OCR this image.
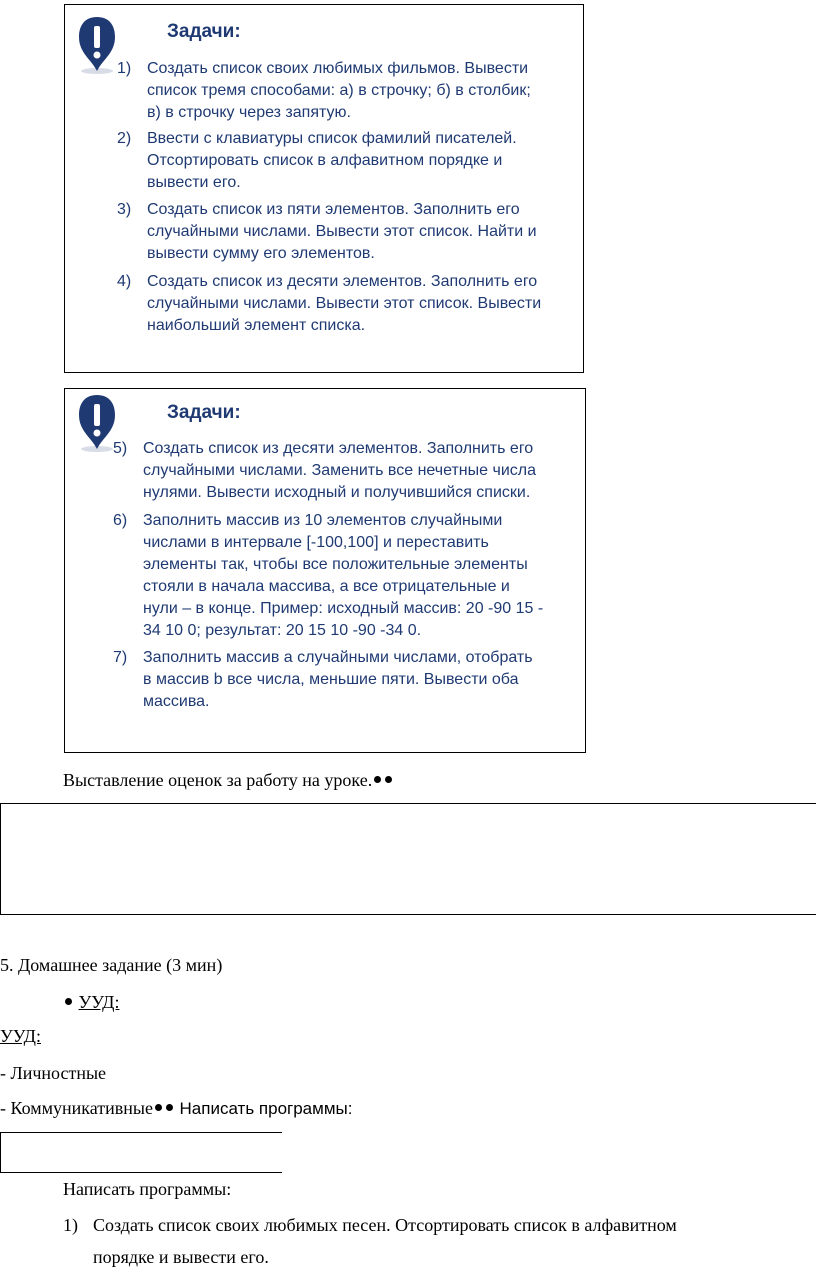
Задачи:
1) Создать список своих любимых фильмов. Вывести
список тремя способами: а) в строчку; б) в столбик;
в) в строчку через запятую.
2) Ввести с клавиатуры список фамилий писателей.
Отсортировать список в алфавитном порядке и
вывести его.
3) Создать список из пяти элементов. Заполнить его
случайными числами. Вывести этот список. Найти и
вывести сумму его элементов.
4) Создать список из десяти элементов. Заполнить его
случайными числами. Вывести этот список. Вывести
наибольший элемент списка.
Задачи:
5) Создать список из десяти элементов. Заполнить его
случайными числами. Заменить все нечетные числа
нулями. Вывести исходный и получившийся списки.
6) Заполнить массив из 10 элементов случайными
числами в интервале [-100,100] и переставить
элементы так, чтобы все положительные элементы
стояли в начала массива, а все отрицательные и
нули – в конце. Пример: исходный массив: 20 -90 15 -
34 10 0; результат: 20 15 10 -90 -34 0.
7) Заполнить массив а случайными числами, отобрать
в массив b все числа, меньшие пяти. Вывести оба
массива.
Выставление оценок за работу на уроке.
5. Домашнее задание (3 мин)
УУД:
УУД:
- Личностные
- Коммуникативные Написать программы:
Написать программы:
1) Создать список своих любимых песен. Отсортировать список в алфавитном
порядке и вывести его.
